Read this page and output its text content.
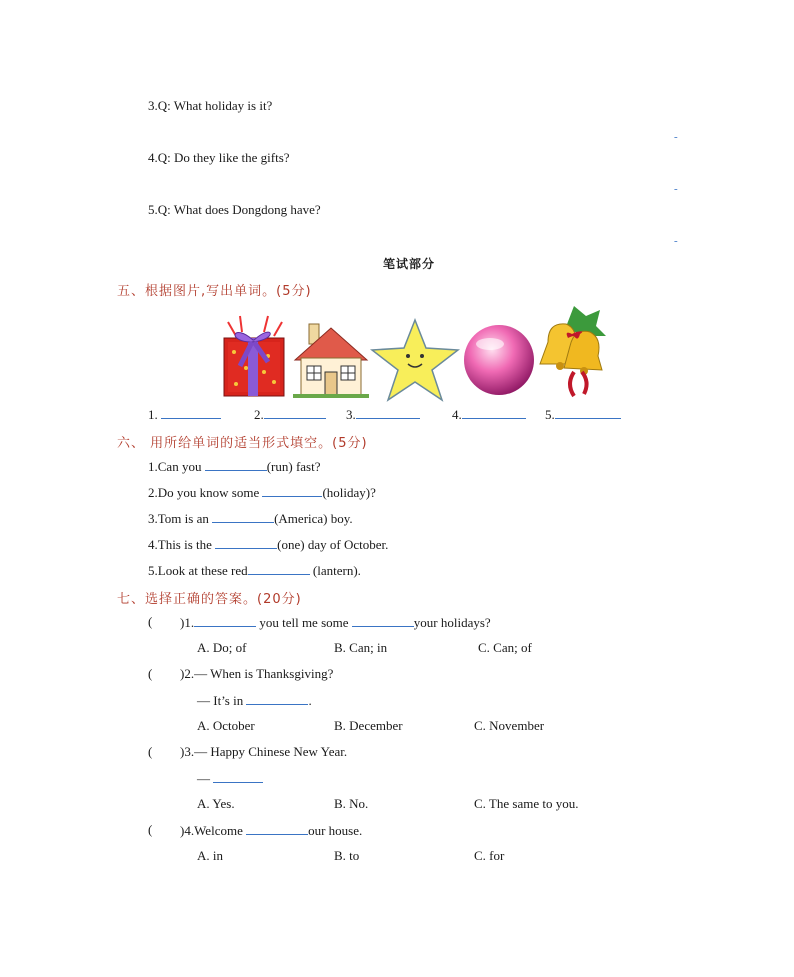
3.Q: What holiday is it?
-
4.Q: Do they like the gifts?
-
5.Q: What does Dongdong have?
-
笔试部分
五、根据图片,写出单词。(5分)
1.	2.	3.	4.	5.
六、 用所给单词的适当形式填空。(5分)
1.Can you	(run) fast?
2.Do you know some	(holiday)?
3.Tom is an	(America) boy.
4.This is the	(one) day of October.
5.Look at these red	(lantern).
七、选择正确的答案。(20分)
( )1.	you tell me some	your holidays?
A. Do; of	B. Can; in	C. Can; of
( )2.— When is Thanksgiving?
— It’s in	.
A. October	B. December	C. November
( )3.— Happy Chinese New Year.
—
A. Yes.	B. No.	C. The same to you.
( )4.Welcome	our house.
A. in	B. to	C. for
